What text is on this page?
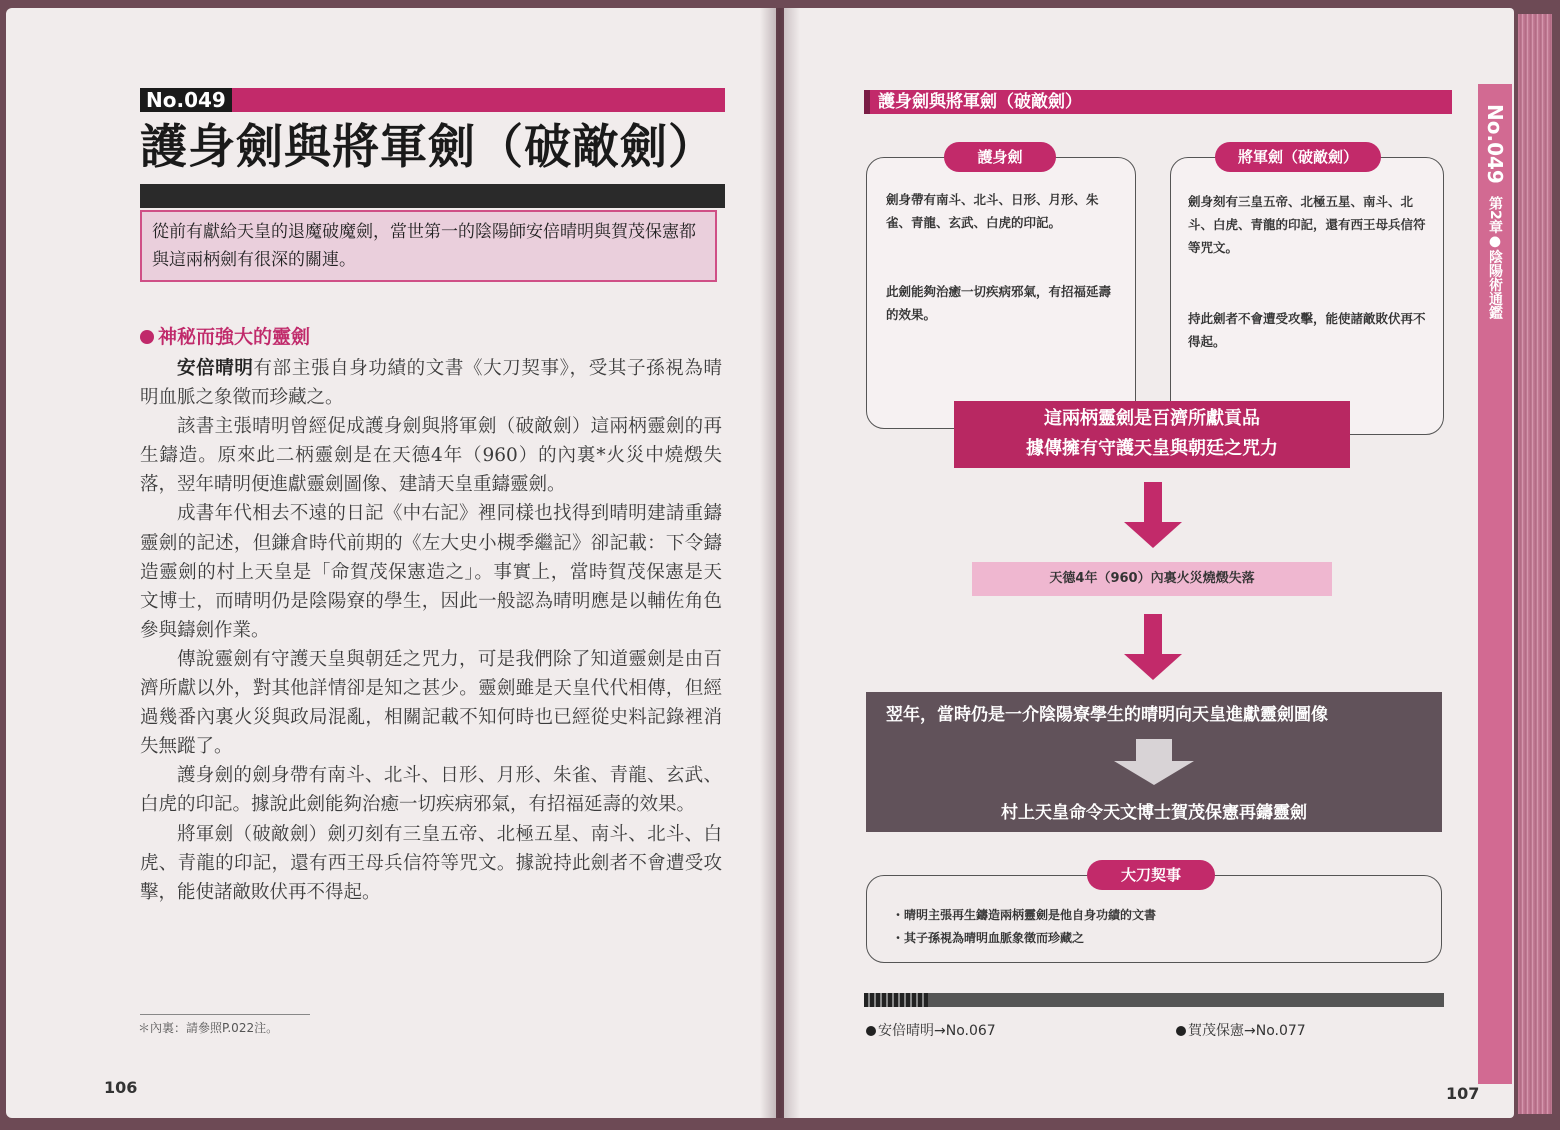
No.049
護身劍與將軍劍（破敵劍）
從前有獻給天皇的退魔破魔劍，當世第一的陰陽師安倍晴明與賀茂保憲都與這兩柄劍有很深的關連。
神秘而強大的靈劍

安倍晴明有部主張自身功績的文書《大刀契事》，受其子孫視為晴明血脈之象徵而珍藏之。

該書主張晴明曾經促成護身劍與將軍劍（破敵劍）這兩柄靈劍的再生鑄造。原來此二柄靈劍是在天德4年（960）的內裏*火災中燒燬失落，翌年晴明便進獻靈劍圖像、建請天皇重鑄靈劍。

成書年代相去不遠的日記《中右記》裡同樣也找得到晴明建請重鑄靈劍的記述，但鎌倉時代前期的《左大史小槻季繼記》卻記載：下令鑄造靈劍的村上天皇是「命賀茂保憲造之」。事實上，當時賀茂保憲是天文博士，而晴明仍是陰陽寮的學生，因此一般認為晴明應是以輔佐角色參與鑄劍作業。

傳說靈劍有守護天皇與朝廷之咒力，可是我們除了知道靈劍是由百濟所獻以外，對其他詳情卻是知之甚少。靈劍雖是天皇代代相傳，但經過幾番內裏火災與政局混亂，相關記載不知何時也已經從史料記錄裡消失無蹤了。

護身劍的劍身帶有南斗、北斗、日形、月形、朱雀、青龍、玄武、白虎的印記。據說此劍能夠治癒一切疾病邪氣，有招福延壽的效果。

將軍劍（破敵劍）劍刃刻有三皇五帝、北極五星、南斗、北斗、白虎、青龍的印記，還有西王母兵信符等咒文。據說持此劍者不會遭受攻擊，能使諸敵敗伏再不得起。

＊內裏：請參照P.022注。
106
護身劍與將軍劍（破敵劍）
護身劍
劍身帶有南斗、北斗、日形、月形、朱雀、青龍、玄武、白虎的印記。
此劍能夠治癒一切疾病邪氣，有招福延壽的效果。
將軍劍（破敵劍）
劍身刻有三皇五帝、北極五星、南斗、北斗、白虎、青龍的印記，還有西王母兵信符等咒文。
持此劍者不會遭受攻擊，能使諸敵敗伏再不得起。
這兩柄靈劍是百濟所獻貢品
據傳擁有守護天皇與朝廷之咒力
天德4年（960）內裏火災燒燬失落
翌年，當時仍是一介陰陽寮學生的晴明向天皇進獻靈劍圖像
村上天皇命令天文博士賀茂保憲再鑄靈劍
大刀契事
・晴明主張再生鑄造兩柄靈劍是他自身功績的文書
・其子孫視為晴明血脈象徵而珍藏之
安倍晴明→No.067	賀茂保憲→No.077
107
No.049
第2章●陰陽術通鑑
